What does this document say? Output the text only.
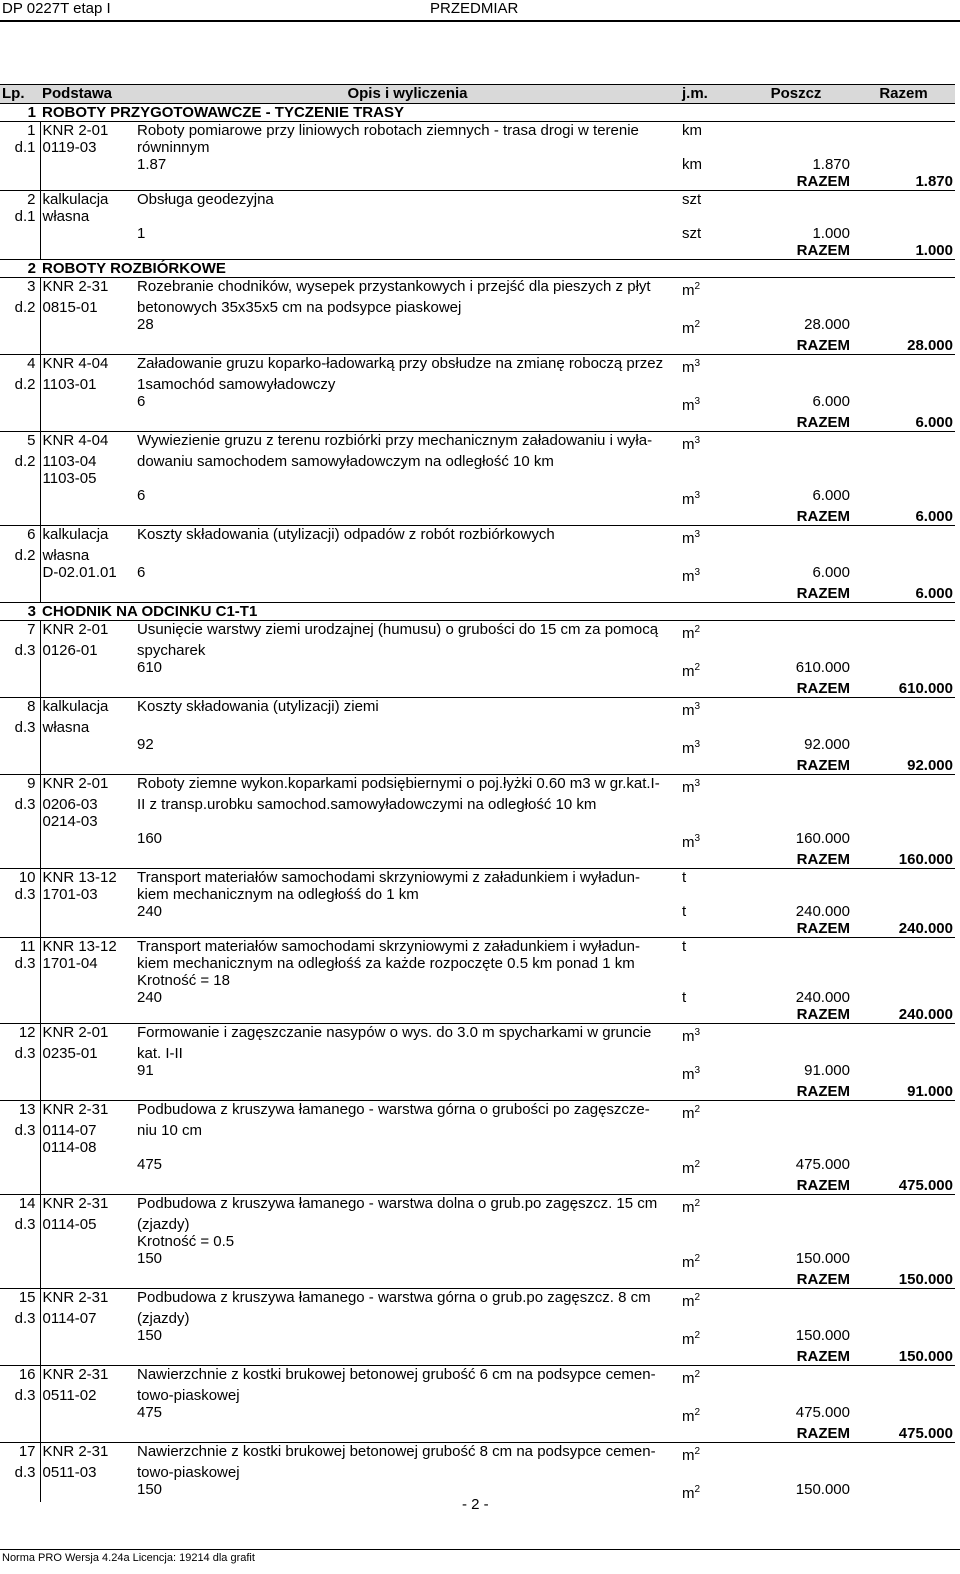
DP 0227T etap I	PRZEDMIAR
Lp.	Podstawa	Opis i wyliczenia	j.m.	Poszcz	Razem
1	ROBOTY PRZYGOTOWAWCZE - TYCZENIE TRASY				
1	KNR 2-01	Roboty pomiarowe przy liniowych robotach ziemnych - trasa drogi w terenie	km		
d.1	0119-03	równinnym			
		1.87	km	1.870	
				RAZEM	1.870
2	kalkulacja	Obsługa geodezyjna	szt		
d.1	własna				
		1	szt	1.000	
				RAZEM	1.000
2	ROBOTY ROZBIÓRKOWE				
3	KNR 2-31	Rozebranie chodników, wysepek przystankowych i przejść dla pieszych z płyt	$m^2$		
d.2	0815-01	betonowych 35x35x5 cm na podsypce piaskowej			
		28	$m^2$	28.000	
				RAZEM	28.000
4	KNR 4-04	Załadowanie gruzu koparko-ładowarką przy obsłudze na zmianę roboczą przez	$m^3$		
d.2	1103-01	1samochód samowyładowczy			
		6	$m^3$	6.000	
				RAZEM	6.000
5	KNR 4-04	Wywiezienie gruzu z terenu rozbiórki przy mechanicznym załadowaniu i wyła-	$m^3$		
d.2	1103-04	dowaniu samochodem samowyładowczym na odległość 10 km			
	1103-05				
		6	$m^3$	6.000	
				RAZEM	6.000
6	kalkulacja	Koszty składowania (utylizacji) odpadów z robót rozbiórkowych	$m^3$		
d.2	własna				
	D-02.01.01	6	$m^3$	6.000	
				RAZEM	6.000
3	CHODNIK NA ODCINKU C1-T1				
7	KNR 2-01	Usunięcie warstwy ziemi urodzajnej (humusu) o grubości do 15 cm za pomocą	$m^2$		
d.3	0126-01	spycharek			
		610	$m^2$	610.000	
				RAZEM	610.000
8	kalkulacja	Koszty składowania (utylizacji) ziemi	$m^3$		
d.3	własna				
		92	$m^3$	92.000	
				RAZEM	92.000
9	KNR 2-01	Roboty ziemne wykon.koparkami podsiębiernymi o poj.łyżki 0.60 m3 w gr.kat.I-	$m^3$		
d.3	0206-03	II z transp.urobku samochod.samowyładowczymi na odległość 10 km			
	0214-03				
		160	$m^3$	160.000	
				RAZEM	160.000
10	KNR 13-12	Transport materiałów samochodami skrzyniowymi z załadunkiem i wyładun-	t		
d.3	1701-03	kiem mechanicznym na odległośś do 1 km			
		240	t	240.000	
				RAZEM	240.000
11	KNR 13-12	Transport materiałów samochodami skrzyniowymi z załadunkiem i wyładun-	t		
d.3	1701-04	kiem mechanicznym na odległośś za każde rozpoczęte 0.5 km ponad 1 km			
		Krotność = 18			
		240	t	240.000	
				RAZEM	240.000
12	KNR 2-01	Formowanie i zagęszczanie nasypów o wys. do 3.0 m spycharkami w gruncie	$m^3$		
d.3	0235-01	kat. I-II			
		91	$m^3$	91.000	
				RAZEM	91.000
13	KNR 2-31	Podbudowa z kruszywa łamanego - warstwa górna o grubości po zagęszcze-	$m^2$		
d.3	0114-07	niu 10 cm			
	0114-08				
		475	$m^2$	475.000	
				RAZEM	475.000
14	KNR 2-31	Podbudowa z kruszywa łamanego - warstwa dolna o grub.po zagęszcz. 15 cm	$m^2$		
d.3	0114-05	(zjazdy)			
		Krotność = 0.5			
		150	$m^2$	150.000	
				RAZEM	150.000
15	KNR 2-31	Podbudowa z kruszywa łamanego - warstwa górna o grub.po zagęszcz. 8 cm	$m^2$		
d.3	0114-07	(zjazdy)			
		150	$m^2$	150.000	
				RAZEM	150.000
16	KNR 2-31	Nawierzchnie z kostki brukowej betonowej grubość 6 cm na podsypce cemen-	$m^2$		
d.3	0511-02	towo-piaskowej			
		475	$m^2$	475.000	
				RAZEM	475.000
17	KNR 2-31	Nawierzchnie z kostki brukowej betonowej grubość 8 cm na podsypce cemen-	$m^2$		
d.3	0511-03	towo-piaskowej			
		150	$m^2$	150.000	
- 2 -
Norma PRO Wersja 4.24a Licencja: 19214 dla grafit
